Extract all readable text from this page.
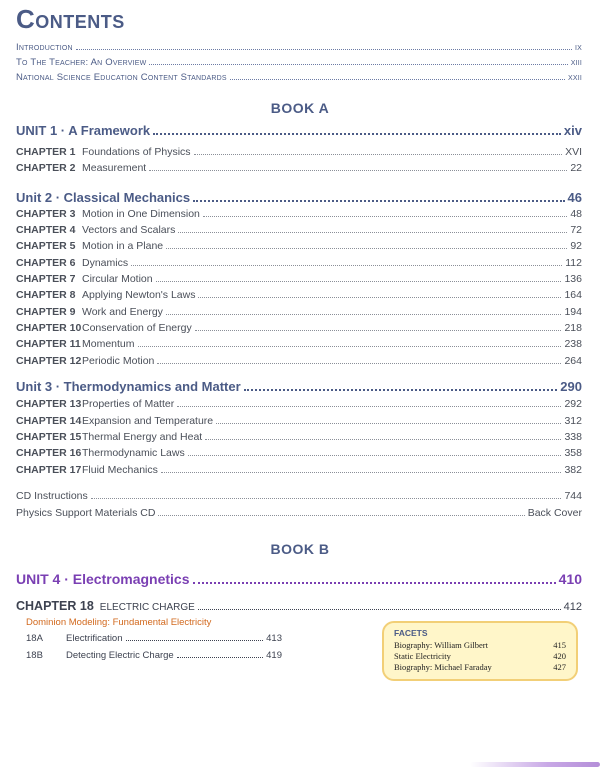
Contents
Introduction	ix
To The Teacher: An Overview	xiii
National Science Education Content Standards	xxii
BOOK A
UNIT 1 · A Framework	xiv
CHAPTER 1 Foundations of Physics	XVI
CHAPTER 2 Measurement	22
Unit 2 · Classical Mechanics	46
CHAPTER 3 Motion in One Dimension	48
CHAPTER 4 Vectors and Scalars	72
CHAPTER 5 Motion in a Plane	92
CHAPTER 6 Dynamics	112
CHAPTER 7 Circular Motion	136
CHAPTER 8 Applying Newton's Laws	164
CHAPTER 9 Work and Energy	194
CHAPTER 10 Conservation of Energy	218
CHAPTER 11 Momentum	238
CHAPTER 12 Periodic Motion	264
Unit 3 · Thermodynamics and Matter	290
CHAPTER 13 Properties of Matter	292
CHAPTER 14 Expansion and Temperature	312
CHAPTER 15 Thermal Energy and Heat	338
CHAPTER 16 Thermodynamic Laws	358
CHAPTER 17 Fluid Mechanics	382
CD Instructions	744
Physics Support Materials CD	Back Cover
BOOK B
UNIT 4 · Electromagnetics	410
CHAPTER 18 ELECTRIC CHARGE	412
Dominion Modeling: Fundamental Electricity
18A	Electrification	413
18B	Detecting Electric Charge	419
FACETS
Biography: William Gilbert	415
Static Electricity	420
Biography: Michael Faraday	427
